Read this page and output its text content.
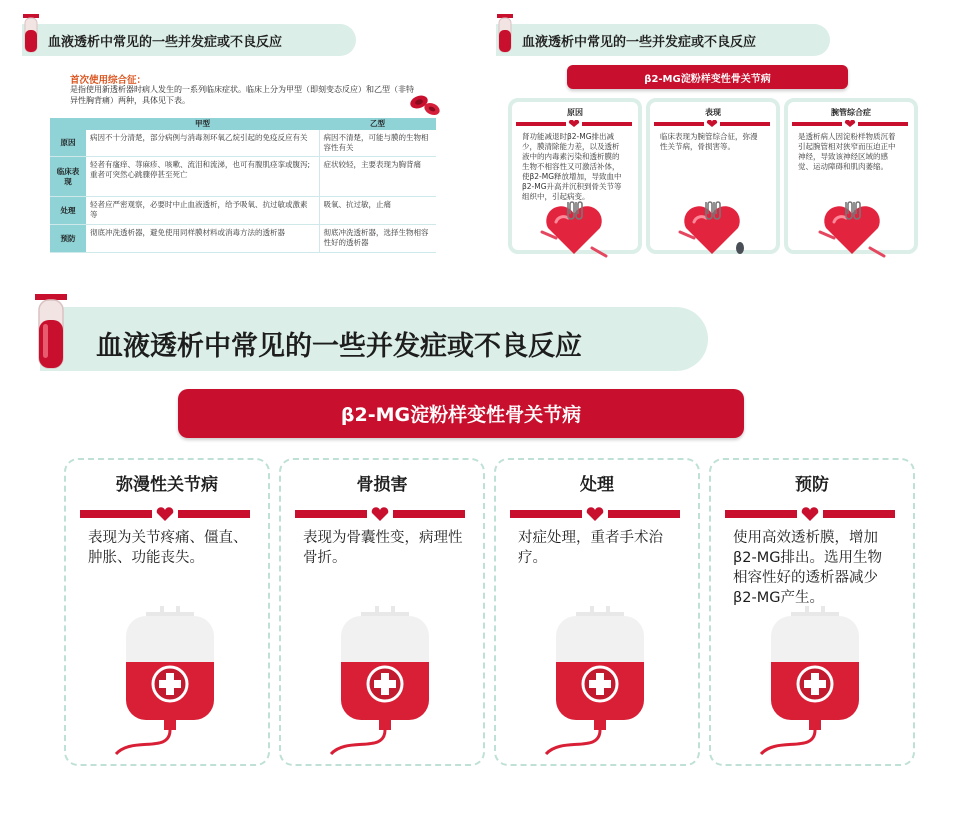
血液透析中常见的一些并发症或不良反应
首次使用综合征：
是指使用新透析器时病人发生的一系列临床症状。临床上分为甲型（即刻变态反应）和乙型（非特异性胸背痛）两种，具体见下表。
	甲型	乙型
原因	病因不十分清楚，部分病例与消毒剂环氧乙烷引起的免疫反应有关	病因不清楚，可能与膜的生物相容性有关
临床表现	轻者有瘙痒、荨麻疹、咳嗽、流泪和流涕，也可有腹肌痉挛或腹泻;重者可突然心跳骤停甚至死亡	症状较轻，主要表现为胸背痛
处理	轻者应严密观察，必要时中止血液透析，给予吸氧、抗过敏或激素等	吸氧、抗过敏，止痛
预防	彻底冲洗透析器，避免使用同样膜材料或消毒方法的透析器	彻底冲洗透析器，选择生物相容性好的透析器
血液透析中常见的一些并发症或不良反应
β2-MG淀粉样变性骨关节病
原因	表现	腕管综合症
肾功能减退时β2-MG排出减少，膜清除能力差，以及透析液中的内毒素污染和透析膜的生物不相容性又可激活补体，使β2-MG释放增加，导致血中β2-MG升高并沉积到骨关节等组织中，引起病变。
临床表现为腕管综合征，弥漫性关节病，骨损害等。
是透析病人因淀粉样物质沉着引起腕管相对狭窄而压迫正中神经，导致该神经区域的感觉、运动障碍和肌肉萎缩。
血液透析中常见的一些并发症或不良反应
β2-MG淀粉样变性骨关节病
弥漫性关节病	骨损害	处理	预防
表现为关节疼痛、僵直、肿胀、功能丧失。
表现为骨囊性变，病理性骨折。
对症处理，重者手术治疗。
使用高效透析膜，增加β2-MG排出。选用生物相容性好的透析器减少β2-MG产生。
